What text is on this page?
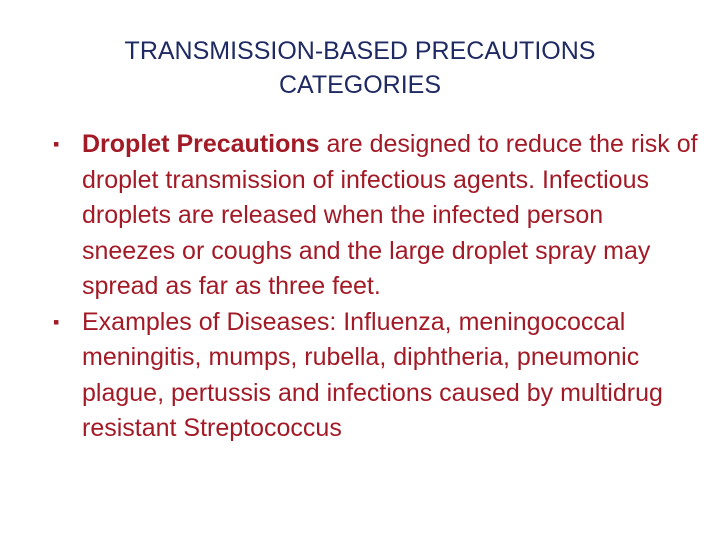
TRANSMISSION-BASED PRECAUTIONS
CATEGORIES
▪ Droplet Precautions are designed to reduce the risk of droplet transmission of infectious agents. Infectious droplets are released when the infected person sneezes or coughs and the large droplet spray may spread as far as three feet.
▪ Examples of Diseases: Influenza, meningococcal meningitis, mumps, rubella, diphtheria, pneumonic plague, pertussis and infections caused by multidrug resistant Streptococcus
